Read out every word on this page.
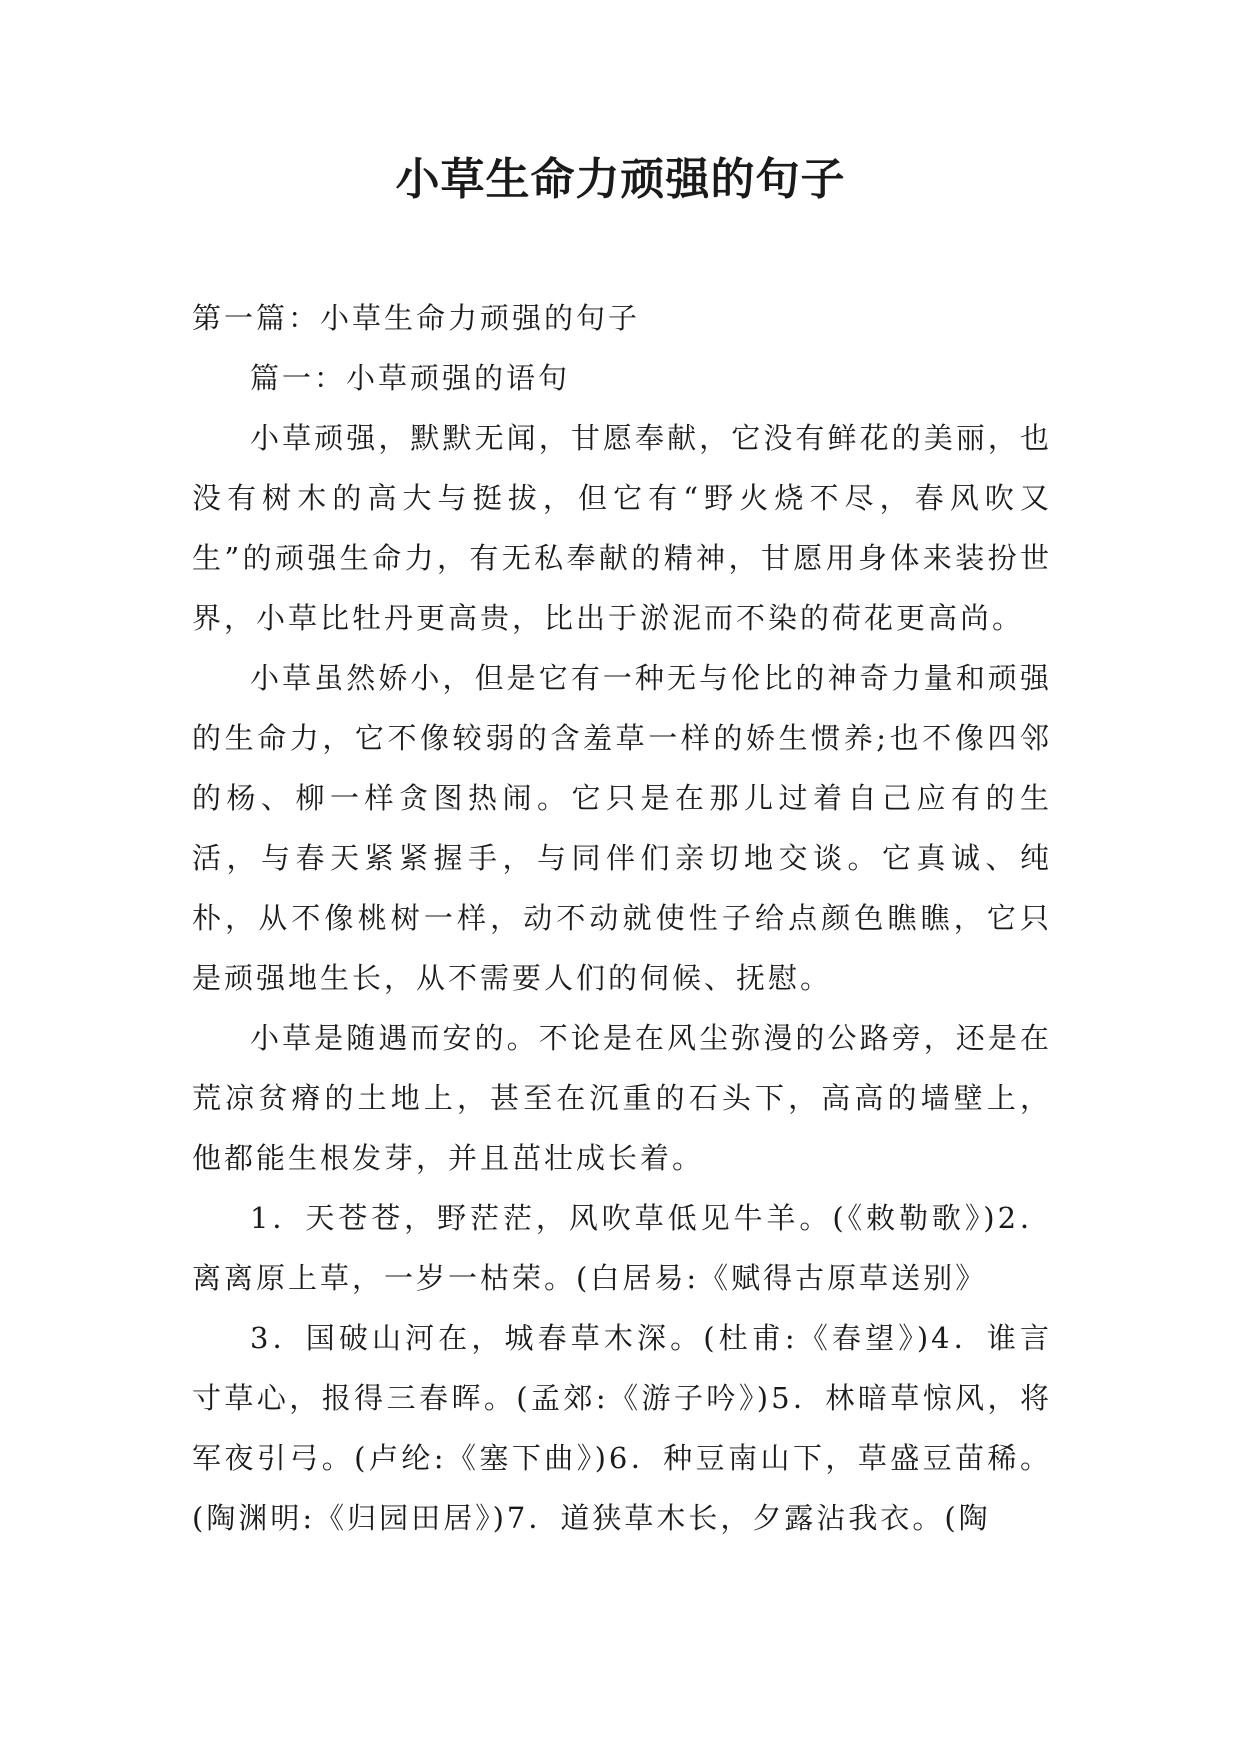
小草生命力顽强的句子

第一篇：小草生命力顽强的句子

篇一：小草顽强的语句

小草顽强，默默无闻，甘愿奉献，它没有鲜花的美丽，也没有树木的高大与挺拔，但它有“野火烧不尽，春风吹又生”的顽强生命力，有无私奉献的精神，甘愿用身体来装扮世界，小草比牡丹更高贵，比出于淤泥而不染的荷花更高尚。

小草虽然娇小，但是它有一种无与伦比的神奇力量和顽强的生命力，它不像较弱的含羞草一样的娇生惯养;也不像四邻的杨、柳一样贪图热闹。它只是在那儿过着自己应有的生活，与春天紧紧握手，与同伴们亲切地交谈。它真诚、纯朴，从不像桃树一样，动不动就使性子给点颜色瞧瞧，它只是顽强地生长，从不需要人们的伺候、抚慰。

小草是随遇而安的。不论是在风尘弥漫的公路旁，还是在荒凉贫瘠的土地上，甚至在沉重的石头下，高高的墙壁上，他都能生根发芽，并且茁壮成长着。

1．天苍苍，野茫茫，风吹草低见牛羊。(《敕勒歌》)2．离离原上草，一岁一枯荣。(白居易:《赋得古原草送别》

3．国破山河在，城春草木深。(杜甫:《春望》)4．谁言寸草心，报得三春晖。(孟郊:《游子吟》)5．林暗草惊风，将军夜引弓。(卢纶:《塞下曲》)6．种豆南山下，草盛豆苗稀。(陶渊明:《归园田居》)7．道狭草木长，夕露沾我衣。(陶
